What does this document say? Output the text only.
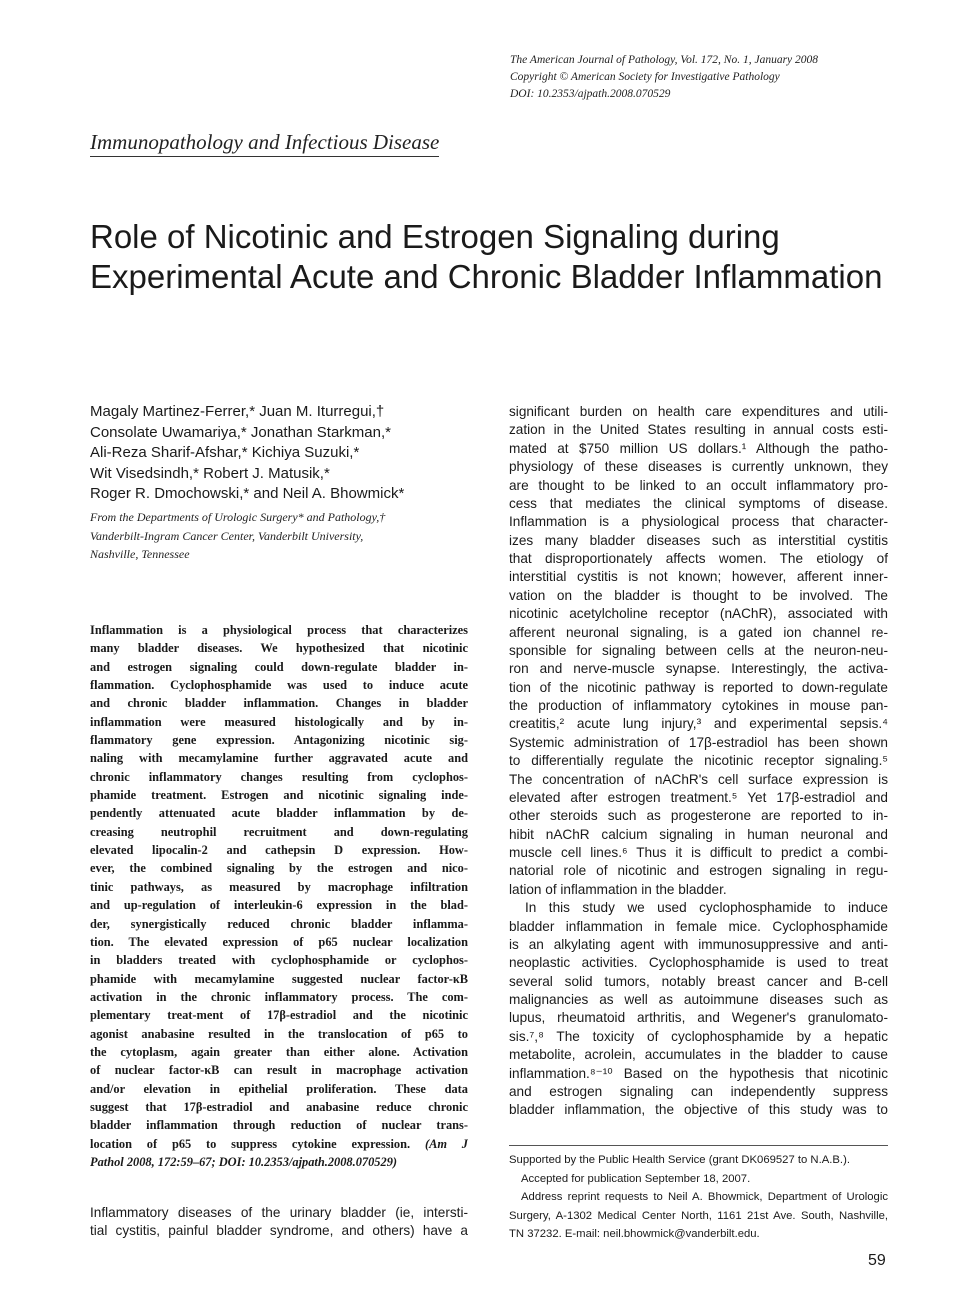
The American Journal of Pathology, Vol. 172, No. 1, January 2008
Copyright © American Society for Investigative Pathology
DOI: 10.2353/ajpath.2008.070529
Immunopathology and Infectious Disease
Role of Nicotinic and Estrogen Signaling during
Experimental Acute and Chronic Bladder Inflammation
Magaly Martinez-Ferrer,* Juan M. Iturregui,†
Consolate Uwamariya,* Jonathan Starkman,*
Ali-Reza Sharif-Afshar,* Kichiya Suzuki,*
Wit Visedsindh,* Robert J. Matusik,*
Roger R. Dmochowski,* and Neil A. Bhowmick*
From the Departments of Urologic Surgery* and Pathology,†
Vanderbilt-Ingram Cancer Center, Vanderbilt University,
Nashville, Tennessee
Inflammation is a physiological process that characterizes
many bladder diseases. We hypothesized that nicotinic
and estrogen signaling could down-regulate bladder in-
flammation. Cyclophosphamide was used to induce acute
and chronic bladder inflammation. Changes in bladder
inflammation were measured histologically and by in-
flammatory gene expression. Antagonizing nicotinic sig-
naling with mecamylamine further aggravated acute and
chronic inflammatory changes resulting from cyclophos-
phamide treatment. Estrogen and nicotinic signaling inde-
pendently attenuated acute bladder inflammation by de-
creasing neutrophil recruitment and down-regulating
elevated lipocalin-2 and cathepsin D expression. How-
ever, the combined signaling by the estrogen and nico-
tinic pathways, as measured by macrophage infiltration
and up-regulation of interleukin-6 expression in the blad-
der, synergistically reduced chronic bladder inflamma-
tion. The elevated expression of p65 nuclear localization
in bladders treated with cyclophosphamide or cyclophos-
phamide with mecamylamine suggested nuclear factor-κB
activation in the chronic inflammatory process. The com-
plementary treat-ment of 17β-estradiol and the nicotinic
agonist anabasine resulted in the translocation of p65 to
the cytoplasm, again greater than either alone. Activation
of nuclear factor-κB can result in macrophage activation
and/or elevation in epithelial proliferation. These data
suggest that 17β-estradiol and anabasine reduce chronic
bladder inflammation through reduction of nuclear trans-
location of p65 to suppress cytokine expression. (Am J
Pathol 2008, 172:59–67; DOI: 10.2353/ajpath.2008.070529)
Inflammatory diseases of the urinary bladder (ie, intersti-
tial cystitis, painful bladder syndrome, and others) have a
significant burden on health care expenditures and utili-
zation in the United States resulting in annual costs esti-
mated at $750 million US dollars.¹ Although the patho-
physiology of these diseases is currently unknown, they
are thought to be linked to an occult inflammatory pro-
cess that mediates the clinical symptoms of disease.
Inflammation is a physiological process that character-
izes many bladder diseases such as interstitial cystitis
that disproportionately affects women. The etiology of
interstitial cystitis is not known; however, afferent inner-
vation on the bladder is thought to be involved. The
nicotinic acetylcholine receptor (nAChR), associated with
afferent neuronal signaling, is a gated ion channel re-
sponsible for signaling between cells at the neuron-neu-
ron and nerve-muscle synapse. Interestingly, the activa-
tion of the nicotinic pathway is reported to down-regulate
the production of inflammatory cytokines in mouse pan-
creatitis,² acute lung injury,³ and experimental sepsis.⁴
Systemic administration of 17β-estradiol has been shown
to differentially regulate the nicotinic receptor signaling.⁵
The concentration of nAChR's cell surface expression is
elevated after estrogen treatment.⁵ Yet 17β-estradiol and
other steroids such as progesterone are reported to in-
hibit nAChR calcium signaling in human neuronal and
muscle cell lines.⁶ Thus it is difficult to predict a combi-
natorial role of nicotinic and estrogen signaling in regu-
lation of inflammation in the bladder.
In this study we used cyclophosphamide to induce
bladder inflammation in female mice. Cyclophosphamide
is an alkylating agent with immunosuppressive and anti-
neoplastic activities. Cyclophosphamide is used to treat
several solid tumors, notably breast cancer and B-cell
malignancies as well as autoimmune diseases such as
lupus, rheumatoid arthritis, and Wegener's granulomato-
sis.⁷,⁸ The toxicity of cyclophosphamide by a hepatic
metabolite, acrolein, accumulates in the bladder to cause
inflammation.⁸⁻¹⁰ Based on the hypothesis that nicotinic
and estrogen signaling can independently suppress
bladder inflammation, the objective of this study was to
Supported by the Public Health Service (grant DK069527 to N.A.B.).
Accepted for publication September 18, 2007.
Address reprint requests to Neil A. Bhowmick, Department of Urologic
Surgery, A-1302 Medical Center North, 1161 21st Ave. South, Nashville,
TN 37232. E-mail: neil.bhowmick@vanderbilt.edu.
59
